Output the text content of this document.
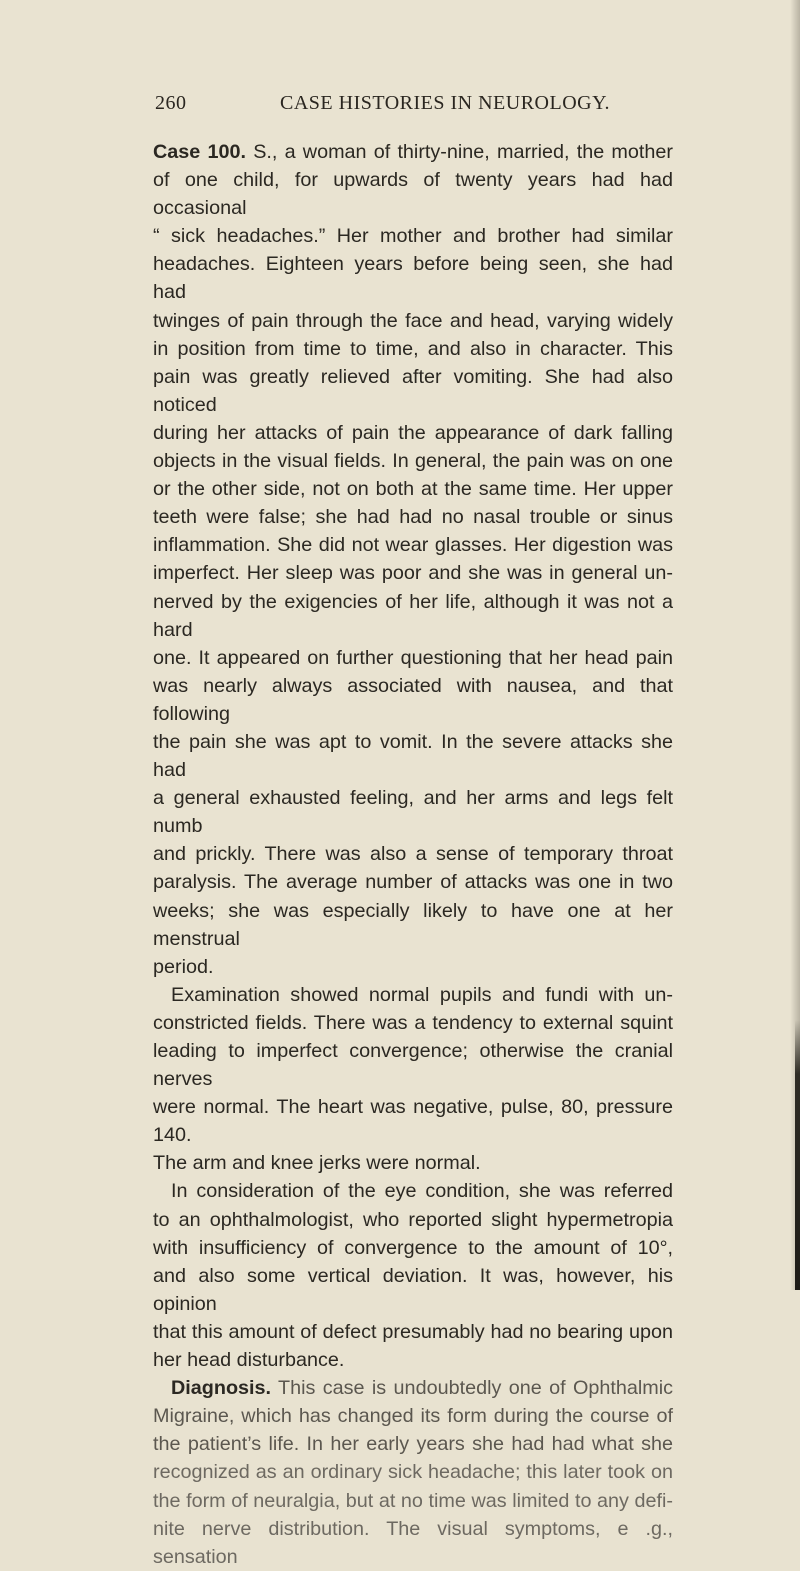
260	CASE HISTORIES IN NEUROLOGY.

Case 100. S., a woman of thirty-nine, married, the mother

of one child, for upwards of twenty years had had occasional

“ sick headaches.” Her mother and brother had similar

headaches. Eighteen years before being seen, she had had

twinges of pain through the face and head, varying widely

in position from time to time, and also in character. This

pain was greatly relieved after vomiting. She had also noticed

during her attacks of pain the appearance of dark falling

objects in the visual fields. In general, the pain was on one

or the other side, not on both at the same time. Her upper

teeth were false; she had had no nasal trouble or sinus

inflammation. She did not wear glasses. Her digestion was

imperfect. Her sleep was poor and she was in general un-

nerved by the exigencies of her life, although it was not a hard

one. It appeared on further questioning that her head pain

was nearly always associated with nausea, and that following

the pain she was apt to vomit. In the severe attacks she had

a general exhausted feeling, and her arms and legs felt numb

and prickly. There was also a sense of temporary throat

paralysis. The average number of attacks was one in two

weeks; she was especially likely to have one at her menstrual

period.

Examination showed normal pupils and fundi with un-

constricted fields. There was a tendency to external squint

leading to imperfect convergence; otherwise the cranial nerves

were normal. The heart was negative, pulse, 80, pressure 140.

The arm and knee jerks were normal.

In consideration of the eye condition, she was referred

to an ophthalmologist, who reported slight hypermetropia

with insufficiency of convergence to the amount of 10°,

and also some vertical deviation. It was, however, his opinion

that this amount of defect presumably had no bearing upon

her head disturbance.

Diagnosis. This case is undoubtedly one of Ophthalmic

Migraine, which has changed its form during the course of

the patient’s life. In her early years she had had what she

recognized as an ordinary sick headache; this later took on

the form of neuralgia, but at no time was limited to any defi-

nite nerve distribution. The visual symptoms, e .g., sensation
